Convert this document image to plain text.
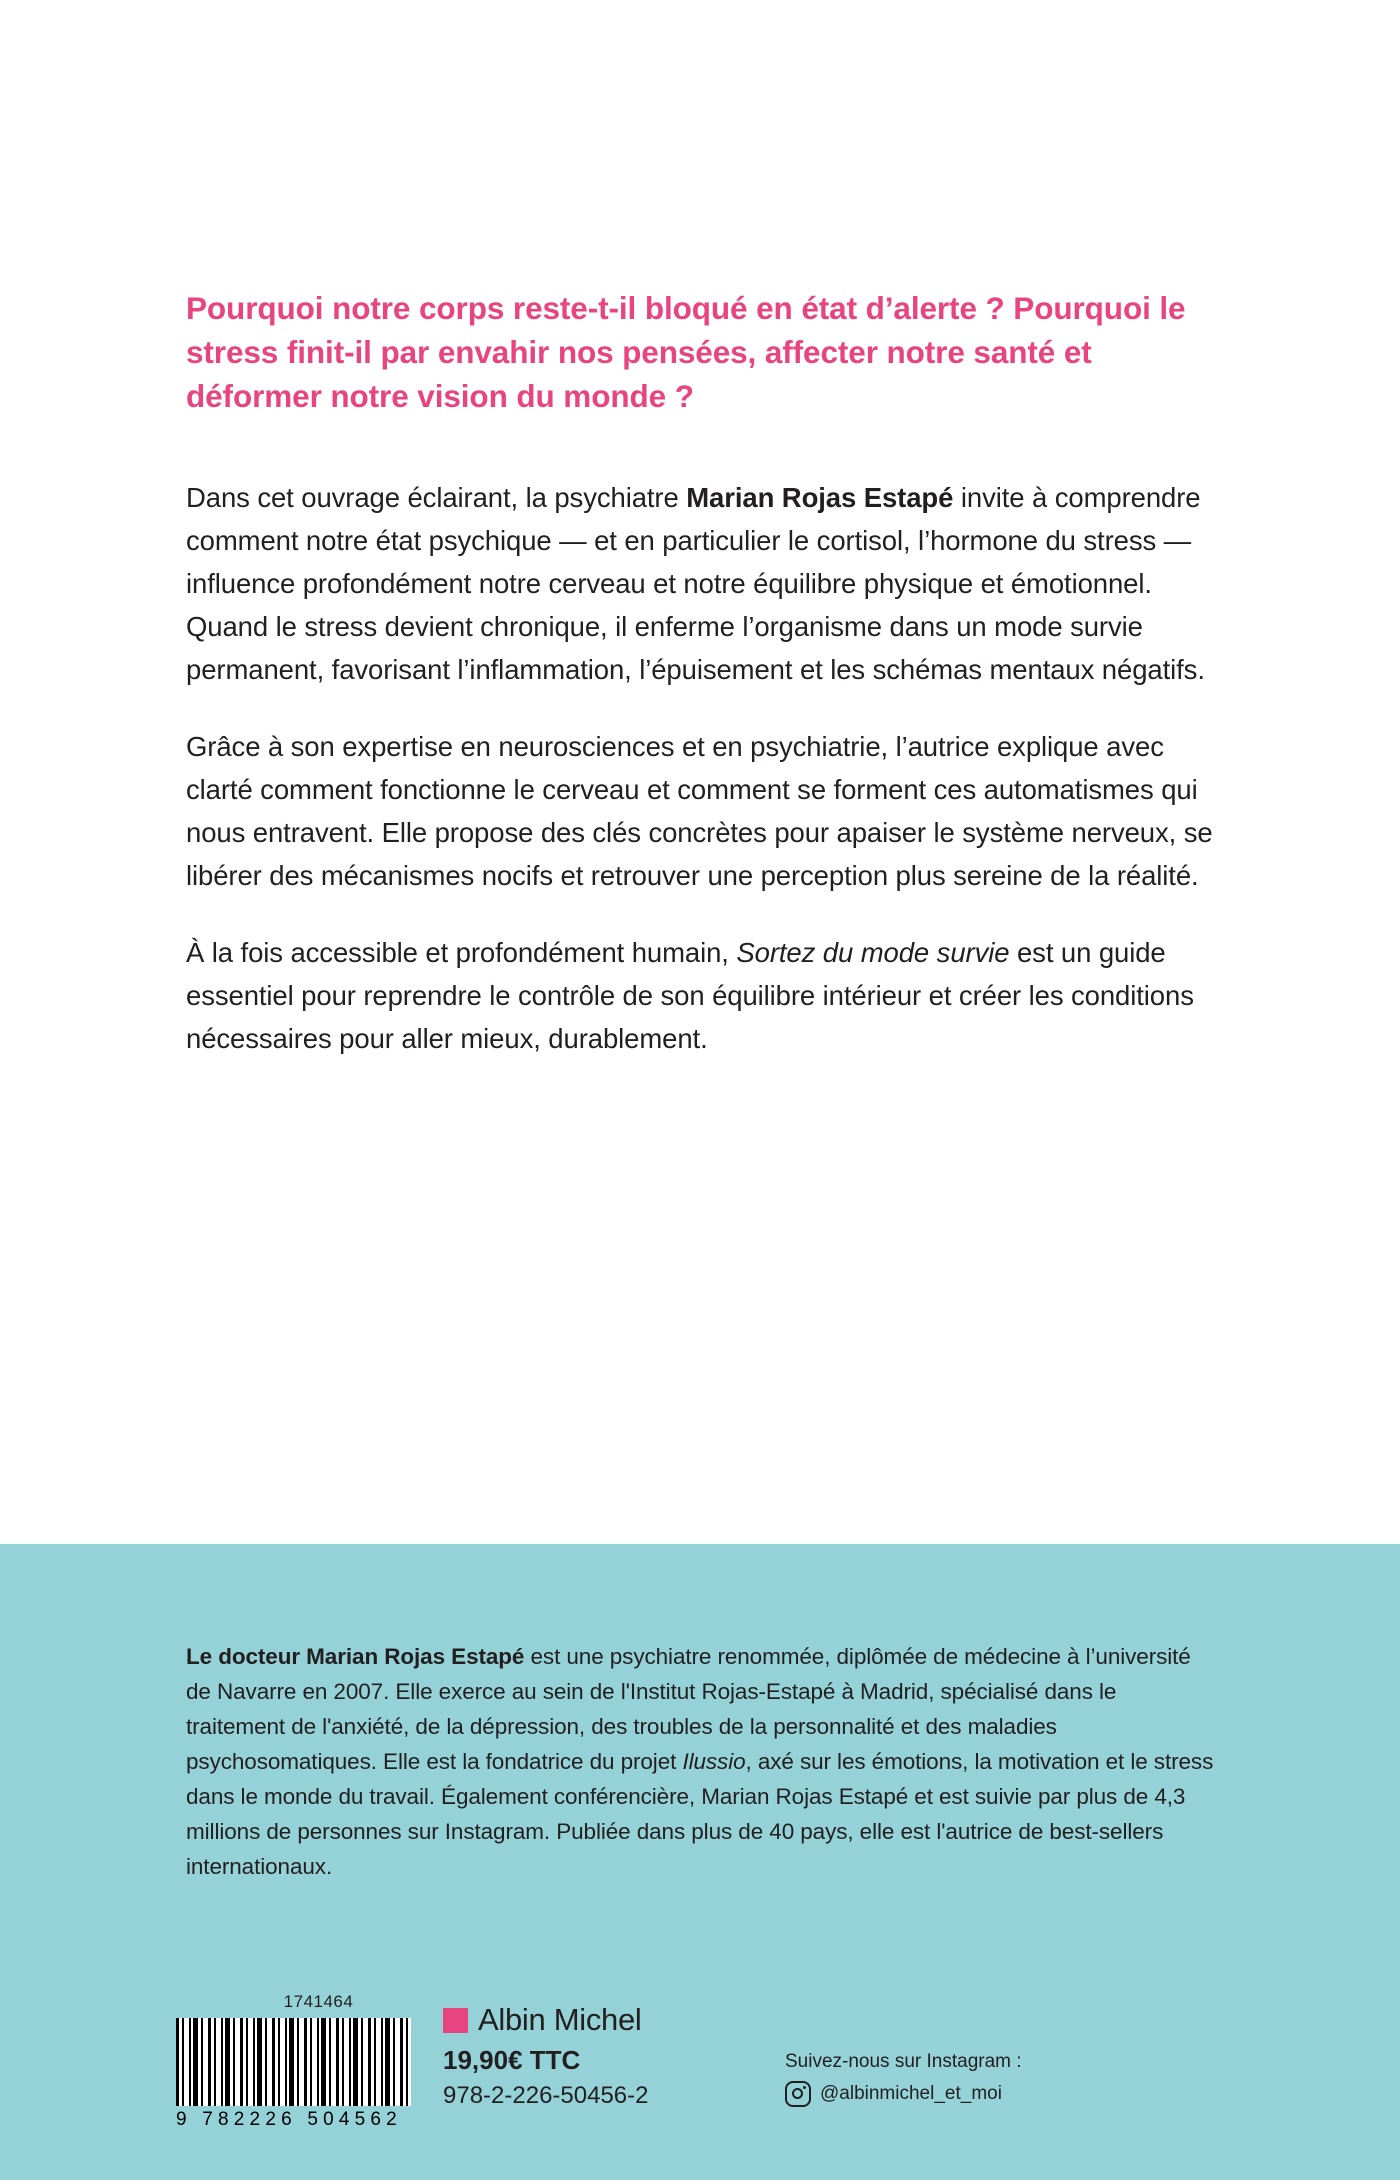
Pourquoi notre corps reste-t-il bloqué en état d’alerte ? Pourquoi le stress finit-il par envahir nos pensées, affecter notre santé et déformer notre vision du monde ?

Dans cet ouvrage éclairant, la psychiatre Marian Rojas Estapé invite à comprendre comment notre état psychique — et en particulier le cortisol, l’hormone du stress — influence profondément notre cerveau et notre équilibre physique et émotionnel. Quand le stress devient chronique, il enferme l’organisme dans un mode survie permanent, favorisant l’inflammation, l’épuisement et les schémas mentaux négatifs.

Grâce à son expertise en neurosciences et en psychiatrie, l’autrice explique avec clarté comment fonctionne le cerveau et comment se forment ces automatismes qui nous entravent. Elle propose des clés concrètes pour apaiser le système nerveux, se libérer des mécanismes nocifs et retrouver une perception plus sereine de la réalité.

À la fois accessible et profondément humain, Sortez du mode survie est un guide essentiel pour reprendre le contrôle de son équilibre intérieur et créer les conditions nécessaires pour aller mieux, durablement.

Le docteur Marian Rojas Estapé est une psychiatre renommée, diplômée de médecine à l’université de Navarre en 2007. Elle exerce au sein de l'Institut Rojas-Estapé à Madrid, spécialisé dans le traitement de l'anxiété, de la dépression, des troubles de la personnalité et des maladies psychosomatiques. Elle est la fondatrice du projet Ilussio, axé sur les émotions, la motivation et le stress dans le monde du travail. Également conférencière, Marian Rojas Estapé et est suivie par plus de 4,3 millions de personnes sur Instagram. Publiée dans plus de 40 pays, elle est l'autrice de best-sellers internationaux.

1741464
9 782226 504562
Albin Michel
19,90€ TTC
978-2-226-50456-2
Suivez-nous sur Instagram :
@albinmichel_et_moi
